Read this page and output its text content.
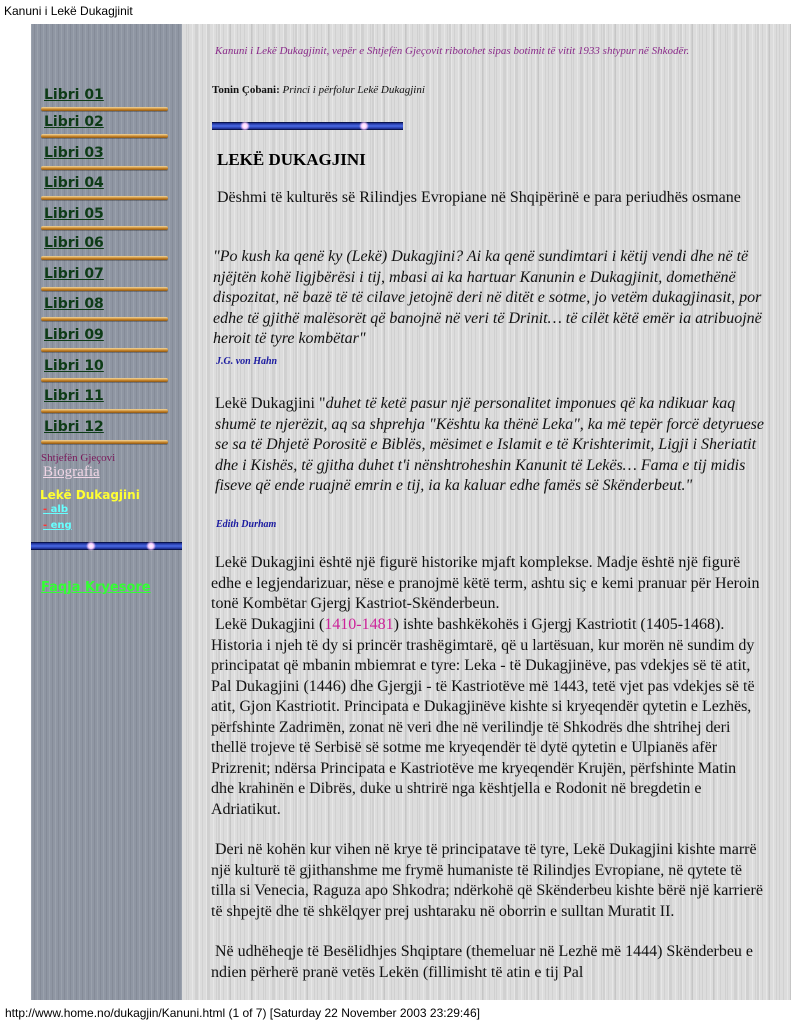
Kanuni i Lekë Dukagjinit
Libri 01
Libri 02
Libri 03
Libri 04
Libri 05
Libri 06
Libri 07
Libri 08
Libri 09
Libri 10
Libri 11
Libri 12
Shtjefën Gjeçovi
Biografia
Lekë Dukagjini
- alb
- eng
Faqja Kryesore
Kanuni i Lekë Dukagjinit, vepër e Shtjefën Gjeçovit ribotohet sipas botimit të vitit 1933 shtypur në Shkodër.
Tonin Çobani: Princi i përfolur Lekë Dukagjini
LEKË DUKAGJINI

Dëshmi të kulturës së Rilindjes Evropiane në Shqipërinë e para periudhës osmane

"Po kush ka qenë ky (Lekë) Dukagjini? Ai ka qenë sundimtari i këtij vendi dhe në të njëjtën kohë ligjbërësi i tij, mbasi ai ka hartuar Kanunin e Dukagjinit, domethënë dispozitat, në bazë të të cilave jetojnë deri në ditët e sotme, jo vetëm dukagjinasit, por edhe të gjithë malësorët që banojnë në veri të Drinit… të cilët këtë emër ia atribuojnë heroit të tyre kombëtar"

J.G. von Hahn

Lekë Dukagjini "duhet të ketë pasur një personalitet imponues që ka ndikuar kaq shumë te njerëzit, aq sa shprehja "Kështu ka thënë Leka", ka më tepër forcë detyruese se sa të Dhjetë Porositë e Biblës, mësimet e Islamit e të Krishterimit, Ligji i Sheriatit dhe i Kishës, të gjitha duhet t'i nënshtroheshin Kanunit të Lekës… Fama e tij midis fiseve që ende ruajnë emrin e tij, ia ka kaluar edhe famës së Skënderbeut."

Edith Durham

Lekë Dukagjini është një figurë historike mjaft komplekse. Madje është një figurë edhe e legjendarizuar, nëse e pranojmë këtë term, ashtu siç e kemi pranuar për Heroin tonë Kombëtar Gjergj Kastriot-Skënderbeun.

Lekë Dukagjini (1410-1481) ishte bashkëkohës i Gjergj Kastriotit (1405-1468). Historia i njeh të dy si princër trashëgimtarë, që u lartësuan, kur morën në sundim dy principatat që mbanin mbiemrat e tyre: Leka - të Dukagjinëve, pas vdekjes së të atit, Pal Dukagjini (1446) dhe Gjergji - të Kastriotëve më 1443, tetë vjet pas vdekjes së të atit, Gjon Kastriotit. Principata e Dukagjinëve kishte si kryeqendër qytetin e Lezhës, përfshinte Zadrimën, zonat në veri dhe në verilindje të Shkodrës dhe shtrihej deri thellë trojeve të Serbisë së sotme me kryeqendër të dytë qytetin e Ulpianës afër Prizrenit; ndërsa Principata e Kastriotëve me kryeqendër Krujën, përfshinte Matin dhe krahinën e Dibrës, duke u shtrirë nga kështjella e Rodonit në bregdetin e Adriatikut.

Deri në kohën kur vihen në krye të principatave të tyre, Lekë Dukagjini kishte marrë një kulturë të gjithanshme me frymë humaniste të Rilindjes Evropiane, në qytete të tilla si Venecia, Raguza apo Shkodra; ndërkohë që Skënderbeu kishte bërë një karrierë të shpejtë dhe të shkëlqyer prej ushtaraku në oborrin e sulltan Muratit II.

Në udhëheqje të Besëlidhjes Shqiptare (themeluar në Lezhë më 1444) Skënderbeu e ndien përherë pranë vetës Lekën (fillimisht të atin e tij Pal

http://www.home.no/dukagjin/Kanuni.html (1 of 7) [Saturday 22 November 2003 23:29:46]
